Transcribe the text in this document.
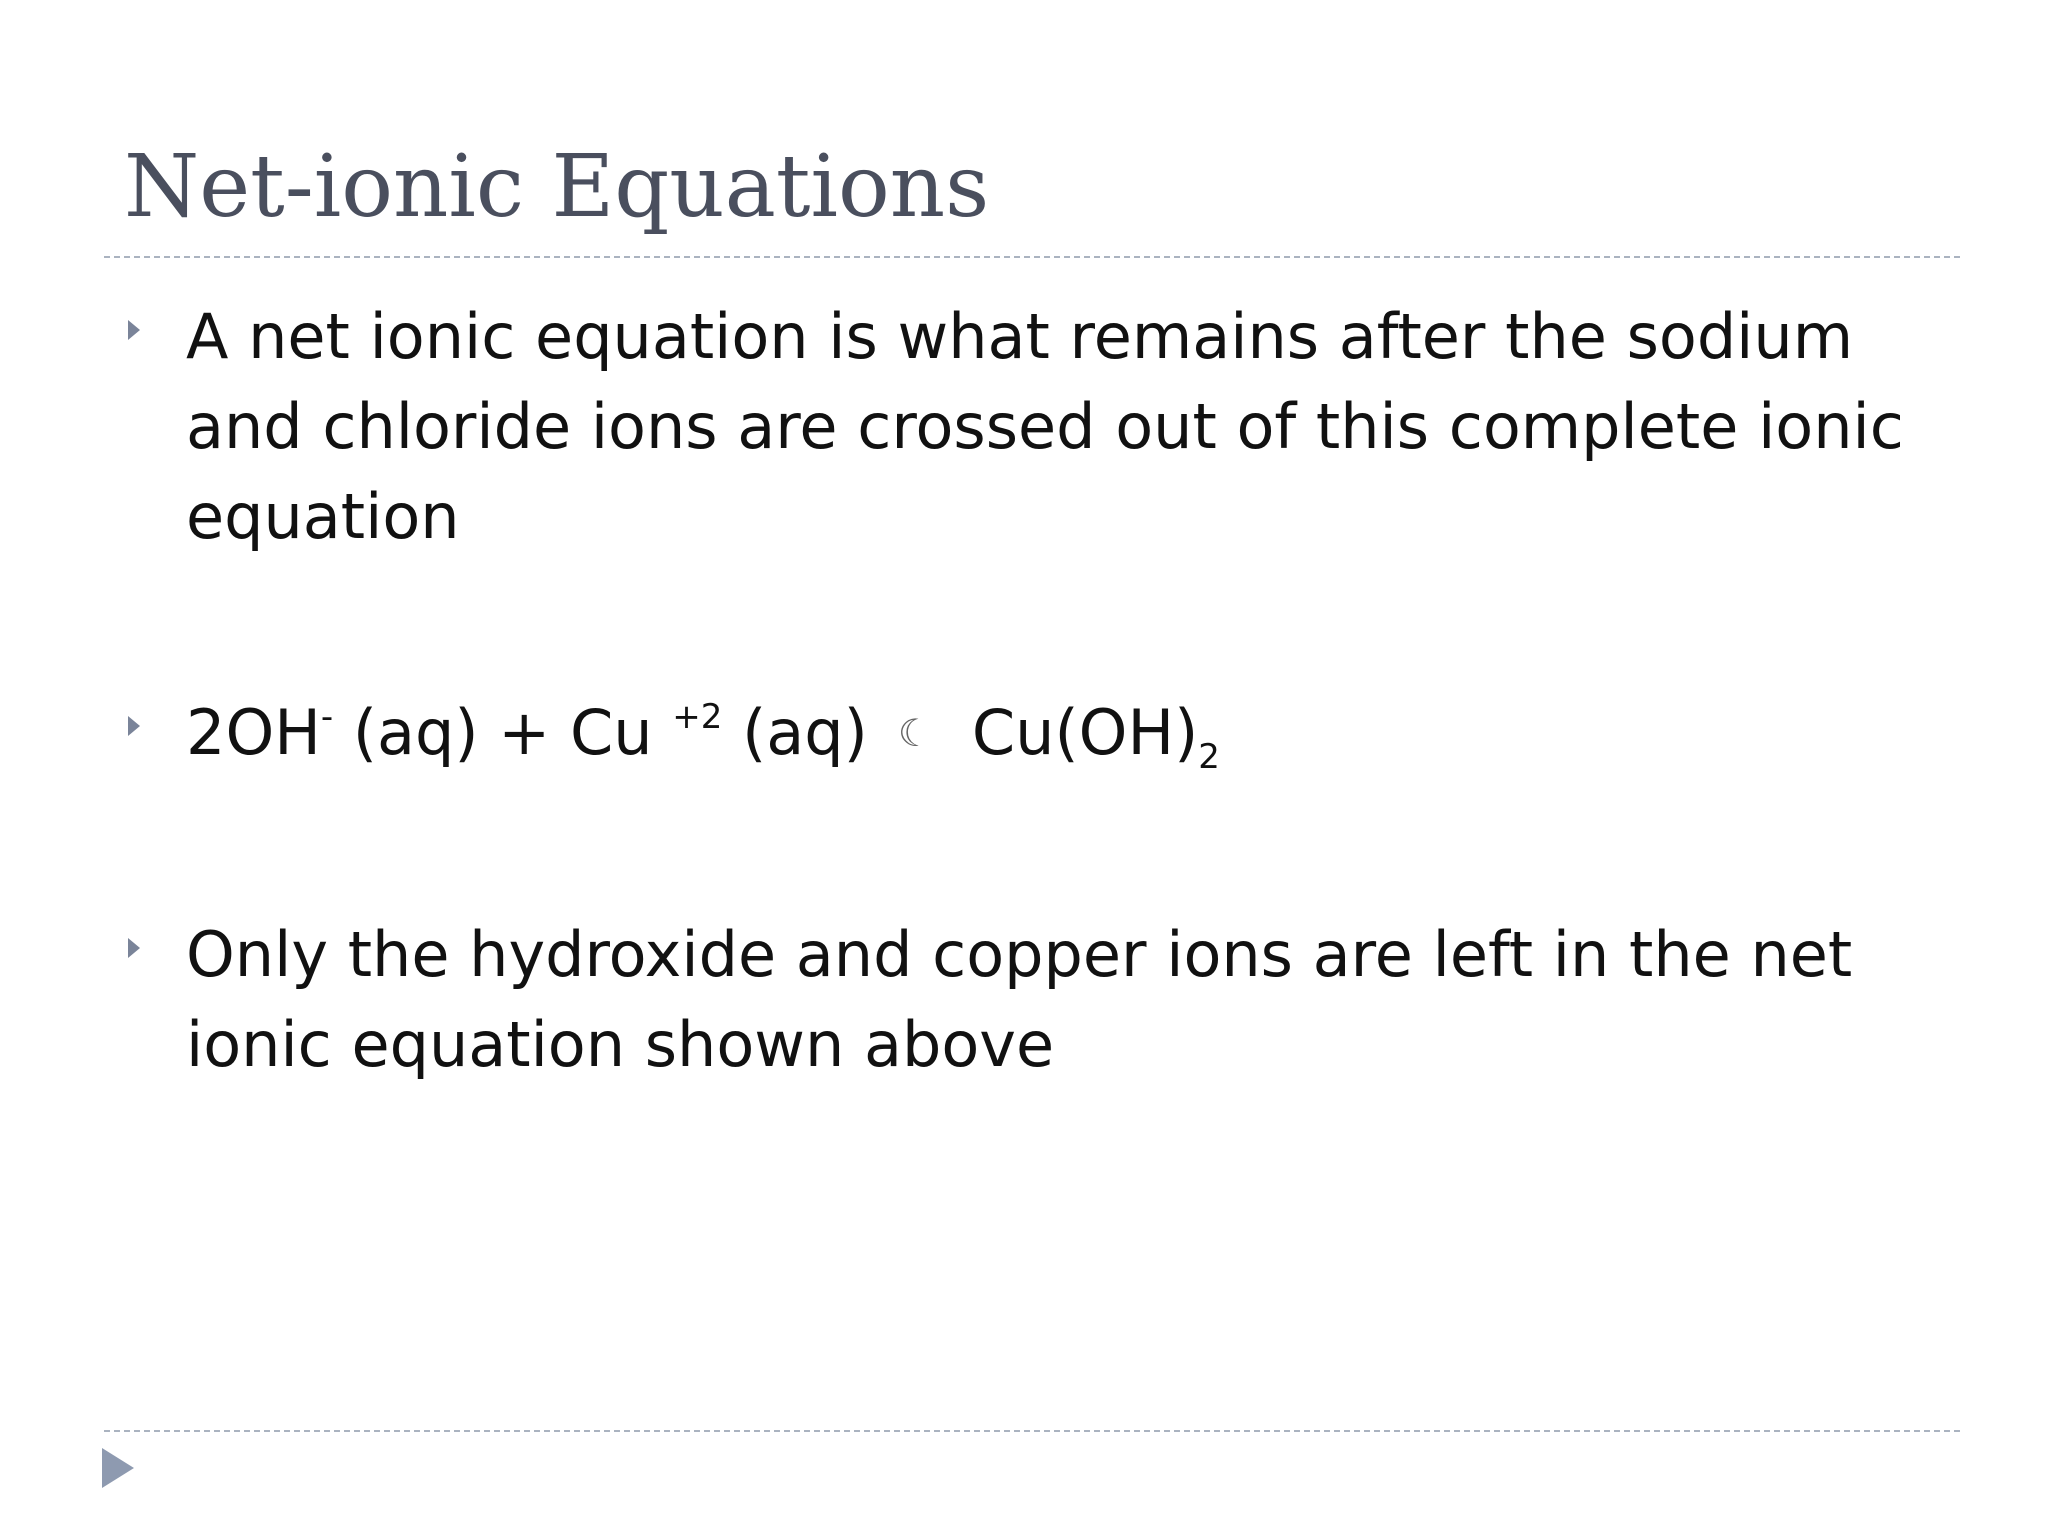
Net-ionic Equations
A net ionic equation is what remains after the sodium
and chloride ions are crossed out of this complete ionic
equation
2OH- (aq) + Cu $^{+2}$ (aq) ☾ $Cu(OH)_2$
Only the hydroxide and copper ions are left in the net
ionic equation shown above
